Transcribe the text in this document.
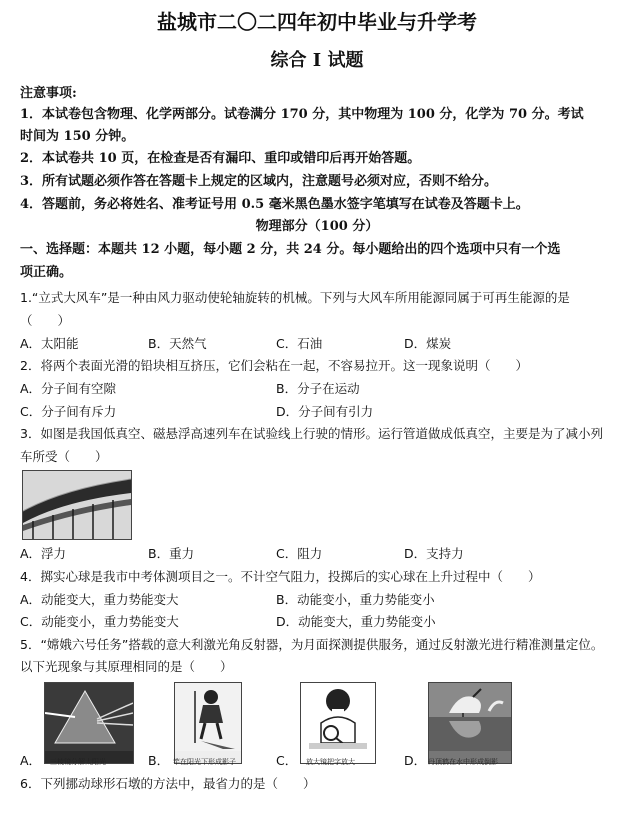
盐城市二〇二四年初中毕业与升学考
综合 I 试题
注意事项:
1．本试卷包含物理、化学两部分。试卷满分 170 分，其中物理为 100 分，化学为 70 分。考试
时间为 150 分钟。
2．本试卷共 10 页，在检查是否有漏印、重印或错印后再开始答题。
3．所有试题必须作答在答题卡上规定的区域内，注意题号必须对应，否则不给分。
4．答题前，务必将姓名、准考证号用 0.5 毫米黑色墨水签字笔填写在试卷及答题卡上。
物理部分（100 分）
一、选择题：本题共 12 小题，每小题 2 分，共 24 分。每小题给出的四个选项中只有一个选
项正确。
1.“立式大风车”是一种由风力驱动使轮轴旋转的机械。下列与大风车所用能源同属于可再生能源的是
（　　）
A．太阳能	B．天然气	C．石油	D．煤炭
2．将两个表面光滑的铅块相互挤压，它们会粘在一起，不容易拉开。这一现象说明（　　）
A．分子间有空隙	B．分子在运动
C．分子间有斥力	D．分子间有引力
3．如图是我国低真空、磁悬浮高速列车在试验线上行驶的情形。运行管道做成低真空，主要是为了减小列
车所受（　　）
A．浮力	B．重力	C．阻力	D．支持力
4．掷实心球是我市中考体测项目之一。不计空气阻力，投掷后的实心球在上升过程中（　　）
A．动能变大，重力势能变大	B．动能变小，重力势能变小
C．动能变小，重力势能变大	D．动能变大，重力势能变小
5．“嫦娥六号任务”搭载的意大利激光角反射器，为月面探测提供服务，通过反射激光进行精准测量定位。
以下光现象与其原理相同的是（　　）
三棱镜分解太阳光
A．	竿在阳光下形成影子
B．	放大镜把字放大
C．	丹顶鹤在水中形成倒影
D．
6．下列挪动球形石墩的方法中，最省力的是（　　）
